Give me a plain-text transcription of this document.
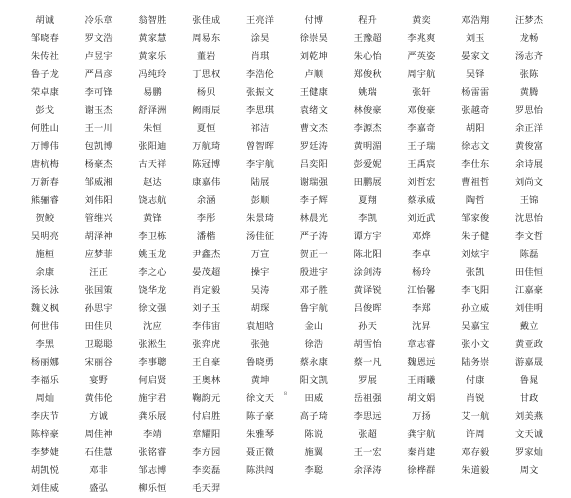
胡诚	冷乐章	翁智胜	张佳成	王亮洋	付博	程升	黄奕	邓浩翔	汪梦杰
邹晓春	罗文浩	黄家慧	周易东	涂昊	徐崇昊	王豫超	李兆爽	刘玉	龙畅
朱传社	卢昱宇	黄家乐	董岩	肖琪	刘乾坤	朱心怡	严英姿	晏家文	汤志齐
鲁子龙	严昌彦	冯纯玲	丁思权	李浩伦	卢顺	郑俊秋	周宇航	吴铎	张陈
荣卓康	李可锋	易鹏	杨贝	张振文	王健康	姚瑞	张轩	杨雷雷	黄腾
彭戈	谢玉杰	舒泽洲	阙雨辰	李思琪	袁绪文	林俊豪	邓俊豪	张越奇	罗思怡
何胜山	王一川	朱恒	夏恒	祁洁	曹文杰	李源杰	李嘉奇	胡阳	余正洋
万博伟	包凯博	张阳迪	万航琦	曾智晖	罗廷涛	黄明湄	王子瑞	徐志文	黄俊富
唐杭梅	杨豪杰	古天祥	陈冠博	李宇航	吕奕阳	彭爱妮	王禹宸	李仕东	余诗展
万新春	邹威湘	赵达	康嘉伟	陆展	谢瑞强	田鹏展	刘哲宏	曹祖哲	刘尚文
熊骊睿	刘伟阳	饶志航	余涵	彭顺	李子辉	夏翔	蔡承威	陶哲	王锦
贺鲛	管维兴	黄锋	李彤	朱景琦	林晨光	李凯	刘近武	邹家俊	沈思怡
吴明亮	胡泽神	李卫栋	潘楷	汤佳征	严子涛	谭方宇	邓烨	朱子健	李文哲
施桓	应梦菲	姚玉龙	尹鑫杰	万宣	贺正一	陈北阳	李卓	刘炫宇	陈磊
余康	汪正	李之心	晏茂超	操宇	殷进宇	涂剑涛	杨玲	张凯	田佳恒
汤长泳	张国策	饶华龙	肖定毅	吴涛	邓子胜	黄译锐	江怡馨	李飞阳	江嘉豪
魏义枫	孙思宇	徐文强	刘子玉	胡琛	鲁宇航	吕俊晖	李郑	孙立威	刘佳明
何世伟	田佳贝	沈应	李伟宙	袁旭晗	金山	孙天	沈昇	吴嘉宝	戴立
李黑	卫聪聪	张淞生	张弈虎	张弛	徐浩	胡雪怡	章志睿	张小文	黄亚政
杨丽娜	宋丽谷	李事聰	王自豪	鲁晓勇	蔡永康	蔡一凡	魏恩远	陆务崇	游嘉晟
李福乐	宴野	何启贤	王奥林	黄坤	阳文凯	罗展	王雨曦	付康	鲁晁
周灿	黄伟伦	施宇君	鞠韵元	徐文天	田威	岳祖强	胡文娟	肖锐	甘政
李庆节	方诚	龚乐展	付启胜	陈子豪	高子琦	李思远	万扬	艾一航	刘美燕
陈梓豪	周佳神	李靖	章耀阳	朱雅琴	陈说	张超	龚宇航	许周	文天诚
李梦婕	石佳慧	张铭睿	李方园	聂正微	施翼	王一宏	秦肖建	邓存毅	罗家灿
胡凯悦	邓非	邹志博	李奕磊	陈洪闯	李聪	余泽涛	徐桦群	朱道毅	周文
刘佳威	盛弘	柳乐恒	毛天羿
8
